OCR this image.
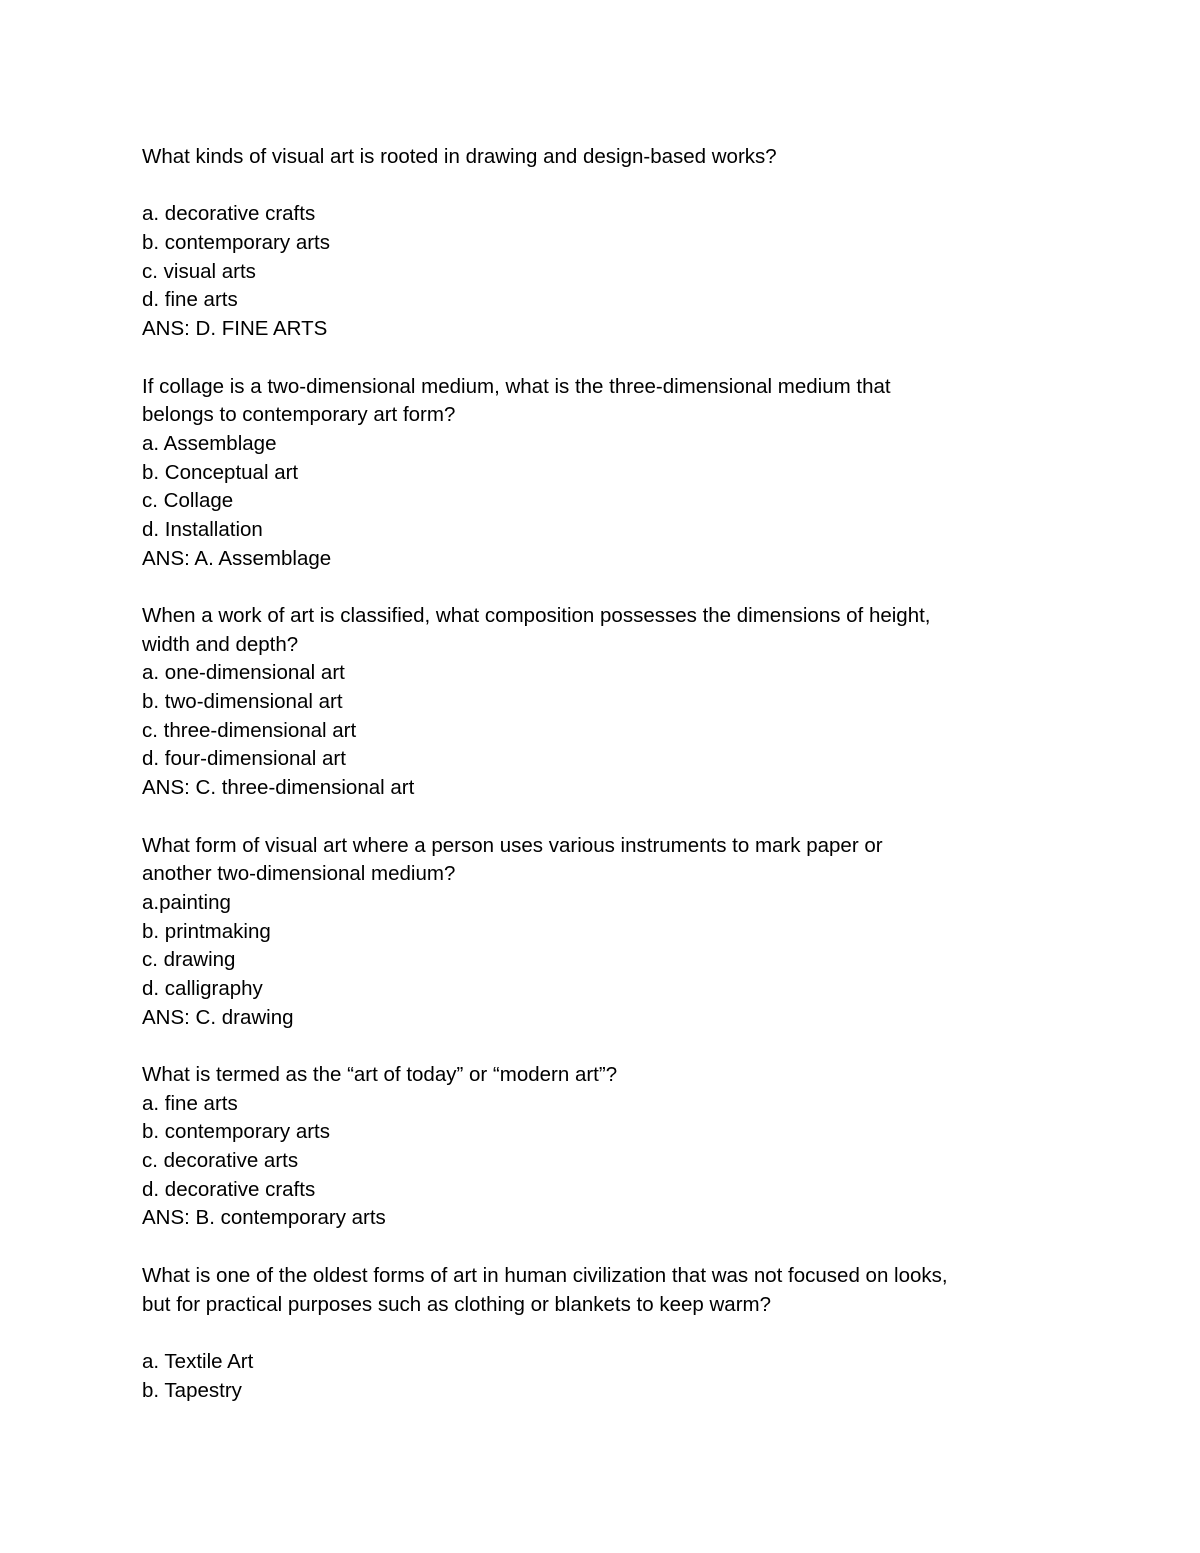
What kinds of visual art is rooted in drawing and design-based works?
a. decorative crafts
b. contemporary arts
c. visual arts
d. fine arts
ANS: D. FINE ARTS
If collage is a two-dimensional medium, what is the three-dimensional medium that
belongs to contemporary art form?
a. Assemblage
b. Conceptual art
c. Collage
d. Installation
ANS: A. Assemblage
When a work of art is classified, what composition possesses the dimensions of height,
width and depth?
a. one-dimensional art
b. two-dimensional art
c. three-dimensional art
d. four-dimensional art
ANS: C. three-dimensional art
What form of visual art where a person uses various instruments to mark paper or
another two-dimensional medium?
a.painting
b. printmaking
c. drawing
d. calligraphy
ANS: C. drawing
What is termed as the “art of today” or “modern art”?
a. fine arts
b. contemporary arts
c. decorative arts
d. decorative crafts
ANS: B. contemporary arts
What is one of the oldest forms of art in human civilization that was not focused on looks,
but for practical purposes such as clothing or blankets to keep warm?
a. Textile Art
b. Tapestry
